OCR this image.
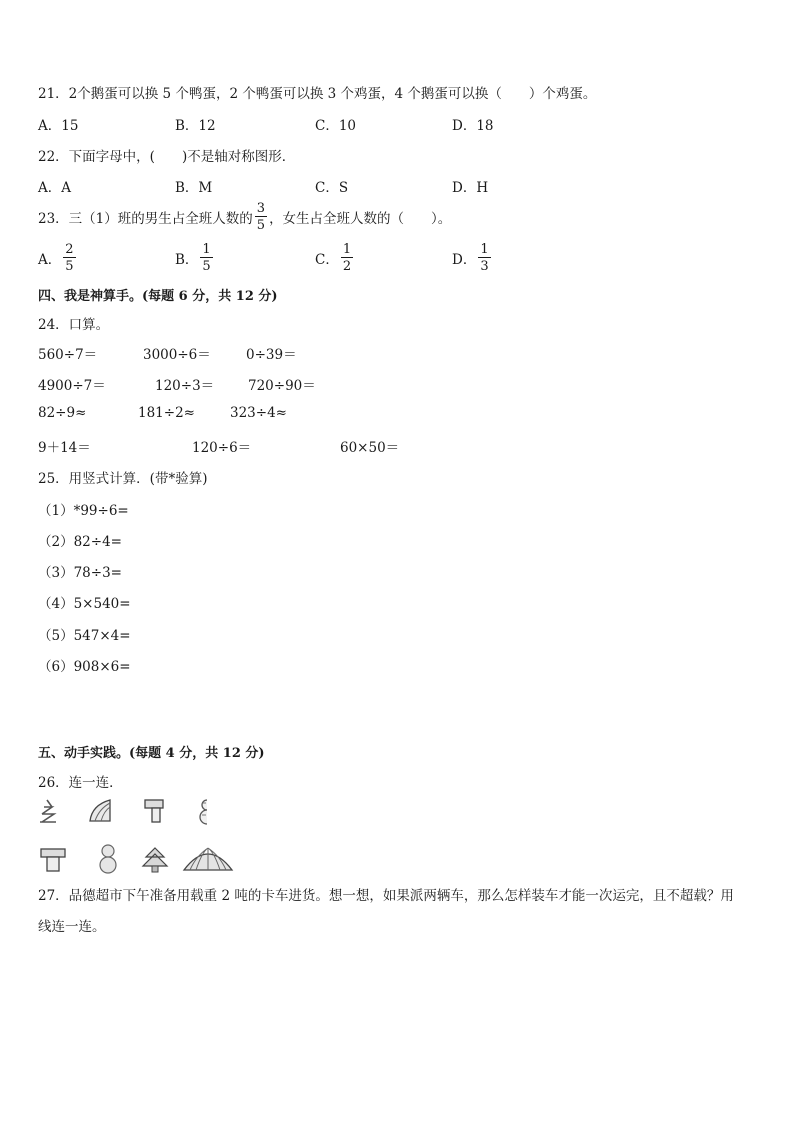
21．2个鹅蛋可以换 5 个鸭蛋，2 个鸭蛋可以换 3 个鸡蛋，4 个鹅蛋可以换（　　）个鸡蛋。
A．15	B．12	C．10	D．18
22．下面字母中，(　　)不是轴对称图形．
A．A	B．M	C．S	D．H
23．三（1）班的男生占全班人数的 $\frac{3}{5}$ ，女生占全班人数的（　　）。
A． $\frac{2}{5}$	B． $\frac{1}{5}$	C． $\frac{1}{2}$	D． $\frac{1}{3}$
四、我是神算手。(每题 6 分，共 12 分)
24．口算。
560÷7＝	3000÷6＝	0÷39＝
4900÷7＝	120÷3＝	720÷90＝
82÷9≈	181÷2≈	323÷4≈
9＋14＝	120÷6＝	60×50＝
25．用竖式计算．(带*验算)
（1）*99÷6=
（2）82÷4=
（3）78÷3=
（4）5×540=
（5）547×4=
（6）908×6=
五、动手实践。(每题 4 分，共 12 分)
26．连一连．
27．品德超市下午准备用载重 2 吨的卡车进货。想一想，如果派两辆车，那么怎样装车才能一次运完，且不超载？用
线连一连。
